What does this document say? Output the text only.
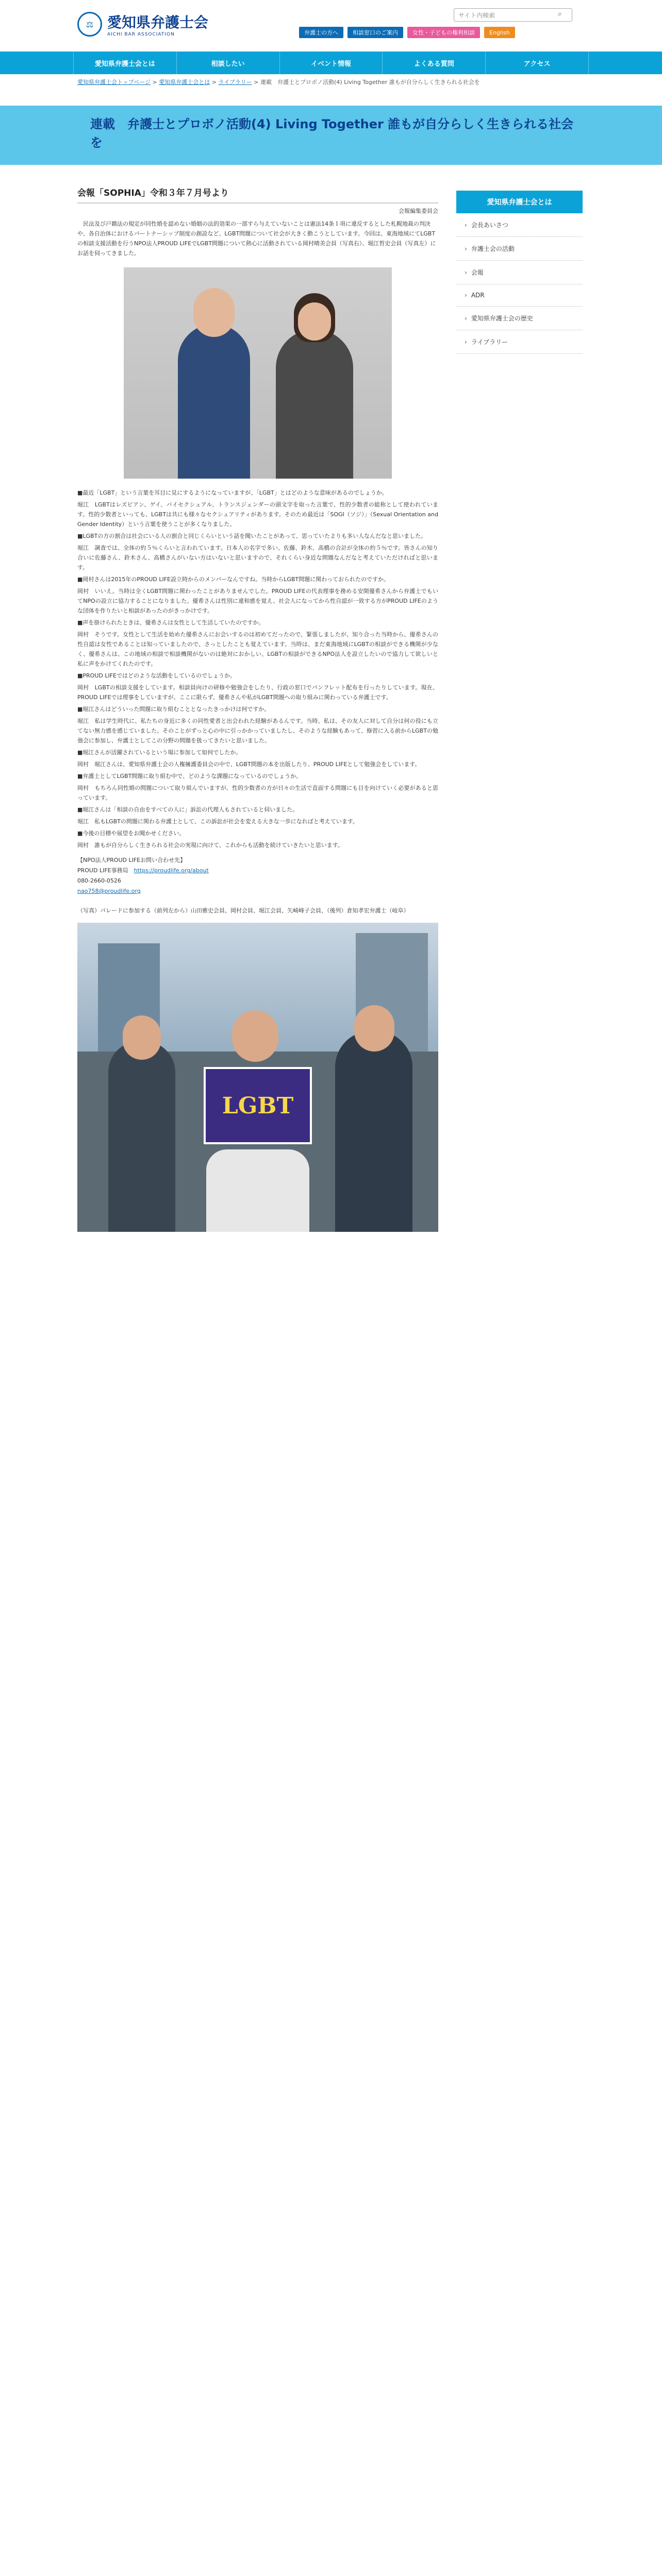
⚖ 愛知県弁護士会
AICHI BAR ASSOCIATION
サイト内検索	⌕
弁護士の方へ	相談窓口のご案内	女性・子どもの権利相談	English
愛知県弁護士会とは	相談したい	イベント情報	よくある質問	アクセス
愛知県弁護士会トップページ > 愛知県弁護士会とは > ライブラリー > 連載　弁護士とプロボノ活動(4) Living Together 誰もが自分らしく生きられる社会を
連載　弁護士とプロボノ活動(4) Living Together 誰もが自分らしく生きられる社会を
会報「SOPHIA」令和３年７月号より
会報編集委員会
　民法及び戸籍法の規定が同性婚を認めない婚姻の法的効果の一部すら与えていないことは憲法14条１項に違反するとした札幌地裁の判決や、各自治体におけるパートナーシップ制度の創設など、LGBT問題について社会が大きく動こうとしています。今回は、東海地域にてLGBTの相談支援活動を行うNPO法人PROUD LIFEでLGBT問題について熱心に活動されている岡村晴美会員（写真右）、堀江哲史会員（写真左）にお話を伺ってきました。

■最近「LGBT」という言葉を耳目に見にするようになっていますが、「LGBT」とはどのような意味があるのでしょうか。

堀江　LGBTはレズビアン、ゲイ、バイセクシュアル、トランスジェンダーの頭文字を取った言葉で、性的少数者の総称として使われています。性的少数者といっても、LGBTは共にも様々なセクシュアリティがあります。そのため最近は「SOGI（ソジ）」（Sexual Orientation and Gender Identity）という言葉を使うことが多くなりました。

■LGBTの方の割合は社会にいる人の割合と同じくらいという話を聞いたことがあって、思っていたよりも多い人なんだなと思いました。

堀江　調査では、全体の約５％くらいと言われています。日本人の名字で多い、佐藤、鈴木、高橋の合計が全体の約５％です。皆さんの知り合いに佐藤さん、鈴木さん、高橋さんがいない方はいないと思いますので、それくらい身近な問題なんだなと考えていただければと思います。

■岡村さんは2015年のPROUD LIFE設立時からのメンバーなんですね。当時からLGBT問題に関わっておられたのですか。

岡村　いいえ。当時は全くLGBT問題に関わったことがありませんでした。PROUD LIFEの代表理事を務める安間優希さんから弁護士でもいてNPOの設立に協力することになりました。優希さんは性別に違和感を覚え、社会人になってから性自認が一致する方がPROUD LIFEのような団体を作りたいと相談があったのがきっかけです。

■声を掛けられたときは、優希さんは女性として生活していたのですか。

岡村　そうです。女性として生活を始めた優希さんにお会いするのは初めてだったので、緊張しましたが、知り合った当時から、優希さんの性自認は女性であることは知っていましたので、さっとしたことも覚えています。当時は、まだ東海地域にLGBTの相談ができる機関が少なく、優希さんは、この地域の相談で相談機関がないのは絶対におかしい、LGBTの相談ができるNPO法人を設立したいので協力して欲しいと私に声をかけてくれたのです。

■PROUD LIFEではどのような活動をしているのでしょうか。

岡村　LGBTの相談支援をしています。相談員向けの研修や勉強会をしたり、行政の窓口でパンフレット配布を行ったりしています。現在、PROUD LIFEでは理事をしていますが、ここに限らず、優希さんや私がLGBT問題への取り組みに関わっている弁護士です。

■堀江さんはどういった問題に取り組むこととなったきっかけは何ですか。

堀江　私は学生時代に、私たちの身近に多くの同性愛者と出会われた経験があるんです。当時、私は、その友人に対して自分は何の役にも立てない無力感を感じていました。そのことがずっと心の中に引っかかっていましたし、そのような経験もあって、修習に入る前からLGBTの勉強会に参加し、弁護士としてこの分野の問題を扱ってきたいと思いました。

■堀江さんが活躍されているという場に参加して如何でしたか。

岡村　堀江さんは、愛知県弁護士会の人権擁護委員会の中で、LGBT問題の本を出版したり、PROUD LIFEとして勉強会をしています。

■弁護士としてLGBT問題に取り組む中で、どのような課題になっているのでしょうか。

岡村　もちろん同性婚の問題について取り組んでいますが、性的少数者の方が日々の生活で直面する問題にも目を向けていく必要があると思っています。

■堀江さんは「相談の自由をすべての人に」訴訟の代理人もされていると伺いました。

堀江　私もLGBTの問題に関わる弁護士として、この訴訟が社会を変える大きな一歩になればと考えています。

■今後の目標や展望をお聞かせください。

岡村　誰もが自分らしく生きられる社会の実現に向けて、これからも活動を続けていきたいと思います。

【NPO法人PROUD LIFEお問い合わせ先】
PROUD LIFE事務局　 https://proudlife.org/about
080-2660-0526
nao758@proudlife.org
（写真）パレードに参加する（前列左から）山田雅史会員、岡村会員、堀江会員、矢崎峰子会員、（後列）倉知孝宏弁護士（岐阜）
LGBT
愛知県弁護士会とは
› 会長あいさつ
› 弁護士会の活動
› 会報
› ADR
› 愛知県弁護士会の歴史
› ライブラリー
